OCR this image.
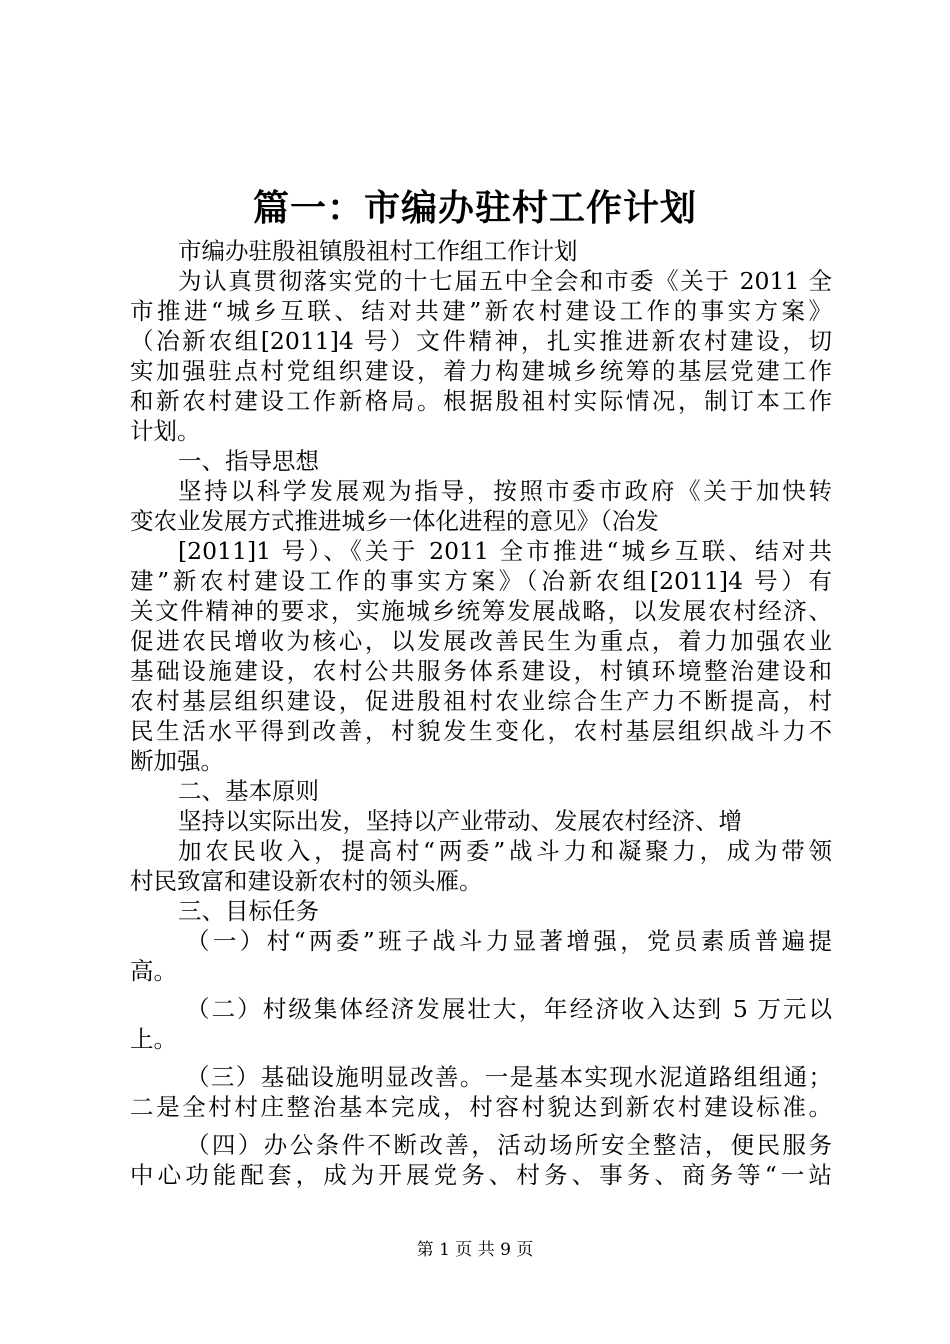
篇一：市编办驻村工作计划
市编办驻殷祖镇殷祖村工作组工作计划
为认真贯彻落实党的十七届五中全会和市委《关于 2011 全
市推进“城乡互联、结对共建”新农村建设工作的事实方案》
（冶新农组[2011]4 号）文件精神，扎实推进新农村建设，切
实加强驻点村党组织建设，着力构建城乡统筹的基层党建工作
和新农村建设工作新格局。根据殷祖村实际情况，制订本工作
计划。
一、指导思想
坚持以科学发展观为指导，按照市委市政府《关于加快转
变农业发展方式推进城乡一体化进程的意见》（冶发
[2011]1 号）、《关于 2011 全市推进“城乡互联、结对共
建”新农村建设工作的事实方案》（冶新农组[2011]4 号）有
关文件精神的要求，实施城乡统筹发展战略，以发展农村经济、
促进农民增收为核心，以发展改善民生为重点，着力加强农业
基础设施建设，农村公共服务体系建设，村镇环境整治建设和
农村基层组织建设，促进殷祖村农业综合生产力不断提高，村
民生活水平得到改善，村貌发生变化，农村基层组织战斗力不
断加强。
二、基本原则
坚持以实际出发，坚持以产业带动、发展农村经济、增
加农民收入，提高村“两委”战斗力和凝聚力，成为带领
村民致富和建设新农村的领头雁。
三、目标任务
（一）村“两委”班子战斗力显著增强，党员素质普遍提
高。
（二）村级集体经济发展壮大，年经济收入达到 5 万元以
上。
（三）基础设施明显改善。一是基本实现水泥道路组组通；
二是全村村庄整治基本完成，村容村貌达到新农村建设标准。
（四）办公条件不断改善，活动场所安全整洁，便民服务
中心功能配套，成为开展党务、村务、事务、商务等“一站
第 1 页 共 9 页
